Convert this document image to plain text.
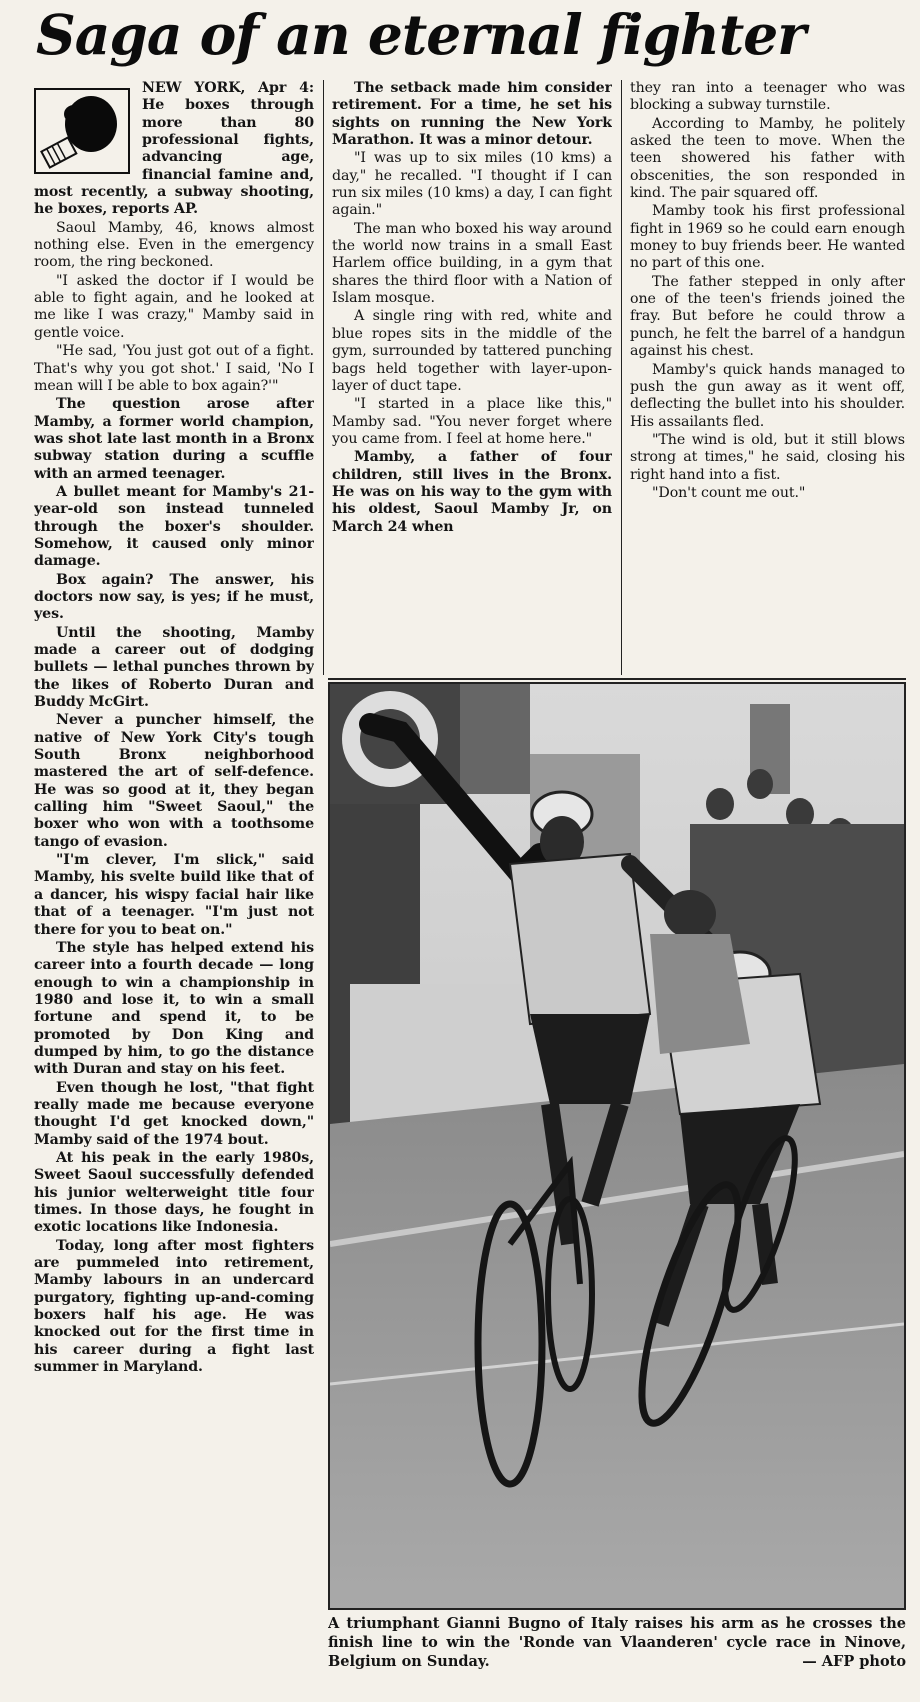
Saga of an eternal fighter

NEW YORK, Apr 4: He boxes through more than 80 professional fights, advancing age, financial famine and, most recently, a subway shooting, he boxes, reports AP.

Saoul Mamby, 46, knows almost nothing else. Even in the emergency room, the ring beckoned.

"I asked the doctor if I would be able to fight again, and he looked at me like I was crazy," Mamby said in gentle voice.

"He sad, 'You just got out of a fight. That's why you got shot.' I said, 'No I mean will I be able to box again?'"

The question arose after Mamby, a former world champion, was shot late last month in a Bronx subway station during a scuffle with an armed teenager.

A bullet meant for Mamby's 21-year-old son instead tunneled through the boxer's shoulder. Somehow, it caused only minor damage.

Box again? The answer, his doctors now say, is yes; if he must, yes.

Until the shooting, Mamby made a career out of dodging bullets — lethal punches thrown by the likes of Roberto Duran and Buddy McGirt.

Never a puncher himself, the native of New York City's tough South Bronx neighborhood mastered the art of self-defence. He was so good at it, they began calling him "Sweet Saoul," the boxer who won with a toothsome tango of evasion.

"I'm clever, I'm slick," said Mamby, his svelte build like that of a dancer, his wispy facial hair like that of a teenager. "I'm just not there for you to beat on."

The style has helped extend his career into a fourth decade — long enough to win a championship in 1980 and lose it, to win a small fortune and spend it, to be promoted by Don King and dumped by him, to go the distance with Duran and stay on his feet.

Even though he lost, "that fight really made me because everyone thought I'd get knocked down," Mamby said of the 1974 bout.

At his peak in the early 1980s, Sweet Saoul successfully defended his junior welterweight title four times. In those days, he fought in exotic locations like Indonesia.

Today, long after most fighters are pummeled into retirement, Mamby labours in an undercard purgatory, fighting up-and-coming boxers half his age. He was knocked out for the first time in his career during a fight last summer in Maryland.

The setback made him consider retirement. For a time, he set his sights on running the New York Marathon. It was a minor detour.

"I was up to six miles (10 kms) a day," he recalled. "I thought if I can run six miles (10 kms) a day, I can fight again."

The man who boxed his way around the world now trains in a small East Harlem office building, in a gym that shares the third floor with a Nation of Islam mosque.

A single ring with red, white and blue ropes sits in the middle of the gym, surrounded by tattered punching bags held together with layer-upon-layer of duct tape.

"I started in a place like this," Mamby sad. "You never forget where you came from. I feel at home here."

Mamby, a father of four children, still lives in the Bronx. He was on his way to the gym with his oldest, Saoul Mamby Jr, on March 24 when

they ran into a teenager who was blocking a subway turnstile.

According to Mamby, he politely asked the teen to move. When the teen showered his father with obscenities, the son responded in kind. The pair squared off.

Mamby took his first professional fight in 1969 so he could earn enough money to buy friends beer. He wanted no part of this one.

The father stepped in only after one of the teen's friends joined the fray. But before he could throw a punch, he felt the barrel of a handgun against his chest.

Mamby's quick hands managed to push the gun away as it went off, deflecting the bullet into his shoulder. His assailants fled.

"The wind is old, but it still blows strong at times," he said, closing his right hand into a fist.

"Don't count me out."

A triumphant Gianni Bugno of Italy raises his arm as he crosses the finish line to win the 'Ronde van Vlaanderen' cycle race in Ninove, Belgium on Sunday.	— AFP photo
